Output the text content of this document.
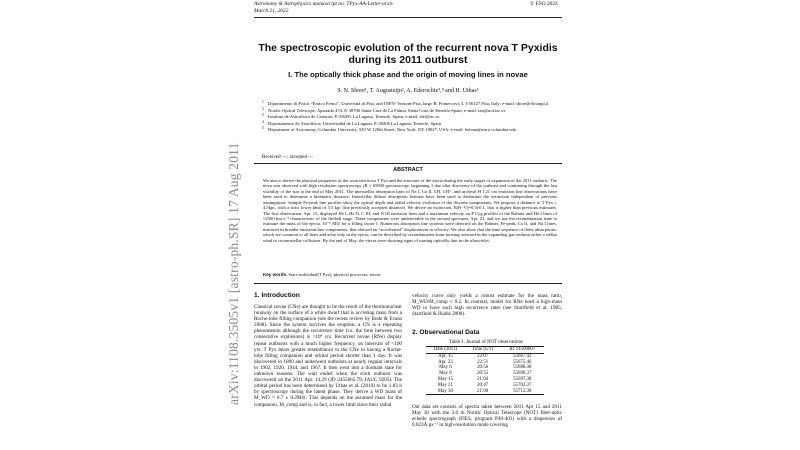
arXiv:1108.3505v1 [astro-ph.SR] 17 Aug 2011
Astronomy & Astrophysics manuscript no. TPyx-AA-Letter-arxiv
March 21, 2022
© ESO 2022
The spectroscopic evolution of the recurrent nova T Pyxidis during its 2011 outburst
I. The optically thick phase and the origin of moving lines in novae
S. N. Shore¹, T. Augusteijn², A. Ederoclite³,⁴ and H. Uthas⁵
1 Dipartimento di Fisica “Enrico Fermi”, Università di Pisa, and INFN- Sezione Pisa, largo B. Pontecorvo 3, I-56127 Pisa, Italy; e-mail: shore@df.unipi.it
2 Nordic Optical Telescope, Apartado 474, E-38700 Santa Cruz de La Palma, Santa Cruz de Tenerife,Spain; e-mail: tau@not.iac.es
3 Instituto de Astrofísica de Canarias, E-38200, La Laguna, Tenerife, Spain; e-mail: ale@iac.es
4 Departamento de Astrofísica, Universidad de La Laguna, E-38206 La Laguna, Tenerife, Spain
5 Department of Astronomy, Columbia University, 550 W 120th Street, New York, NY 10027, USA; e-mail: helena@astro.columbia.edu
Received —; accepted —
ABSTRACT

We aim to derive the physical properties of the recurrent nova T Pyx and the structure of the ejecta during the early stages of expansion of the 2011 outburst. The nova was observed with high resolution spectroscopy (R ≈ 65000 spectroscopy, beginning 1 day after discovery of the outburst and continuing through the last visibility of the star at the end of May 2011. The interstellar absorption lines of Na I, Ca II, CH, CH⁺, and archival H I 21 cm emission line observations have been used to determine a kinematic distance. Interstellar diffuse absorption features have been used to determine the extinction independent of previous assumptions. Sample Fe-peak line profiles show the optical depth and radial velocity evolution of the discrete components. We propose a distance to T Pyx ≥ 4.5kpc, with a strict lower limit of 3.5 kpc (the previously accepted distance). We derive an extinction, E(B−V)=0.5±0.1, that is higher than previous estimates. The first observation, Apr. 15, displayed He I, He II, C III, and N III emission lines and a maximum velocity on P Cyg profiles of the Balmer and He I lines of ≈2500 km s⁻¹ characteristic of the fireball stage. These components were undetectable in the second spectrum, Apr. 23, and we use the recombination time to estimate the mass of the ejecta, 10⁻⁵ M⊙ for a filling factor f. Numerous absorption line systems were detected on the Balmer, Fe-peak, Ca II, and Na I lines, mirrored in broader emission line components, that showed an “accelerated” displacement in velocity. We also show that the time sequence of these absorptions, which are common to all lines and arise only in the ejecta, can be described by recombination from moving outward in the expanding gas without either a stellar wind or circumstellar collisions. By the end of May, the ejecta were showing signs of turning optically thin in the ultraviolet.

Key words. Stars-individual(T Pyx), physical processes, novae
1. Introduction

Classical novae (CNe) are thought to be the result of the thermonuclear runaway on the surface of a white dwarf that is accreting mass from a Roche-lobe filling companion (see the recent review by Bode & Evans 2008). Since the system survives the eruption, a CN is a repeating phenomenon although the recurrence time (i.e. the time between two consecutive explosions) is >10⁴ yrs. Recurrent novae (RNe) display repeat outbursts with a much higher frequency, on intervals of <100 yrs. T Pyx bears greater resemblance to the CNe in having a Roche-lobe filling companion and orbital period shorter than 1 day. It was discovered in 1890 and underwent outbursts at nearly regular intervals in 1902, 1920, 1944, and 1967. It then went into a dormant state for unknown reasons. The wait ended when the sixth outburst was discovered on the 2011 Apr. 14.29 (JD 2455665.79; IAUC 9205). The orbital period has been determined by Uthas et al. (2010) to be 1.83 h by spectroscopy during the latent phase. They derive a WD mass of M_WD = 0.7 ± 0.2M⊙. This depends on the assumed mass for the companion, M_comp and is, in fact, a lower limit since their radial

velocity curve only yields a robust estimate for the mass ratio, M_WD/M_comp ≈ 0.2. In contrast, model for RNe need a high-mass WD to have such high recurrence rates (see Starrfield et al. 1985, Starrfield & Iliadis 2008).

2. Observational Data
Table 1. Journal of NOT observations
Date (2011)	Time (UT)	JD 2450000+
Apr. 15	22:07	55667.42
Apr. 23	22:51	55675.46
May 6	20:56	55688.38
May 8	20:55	55690.37
May 15	21:04	55697.38
May 21	20:47	55703.37
May 30	21:00	55712.38

Our data set consists of spectra taken between 2011 Apr 15 and 2011 May 30 with the 2.6 m Nordic Optical Telescope (NOT) fiber-optic echelle spectrograph (FIES, program P40-403) with a dispersion of 0.023Å px⁻¹ in high-resolution mode covering
